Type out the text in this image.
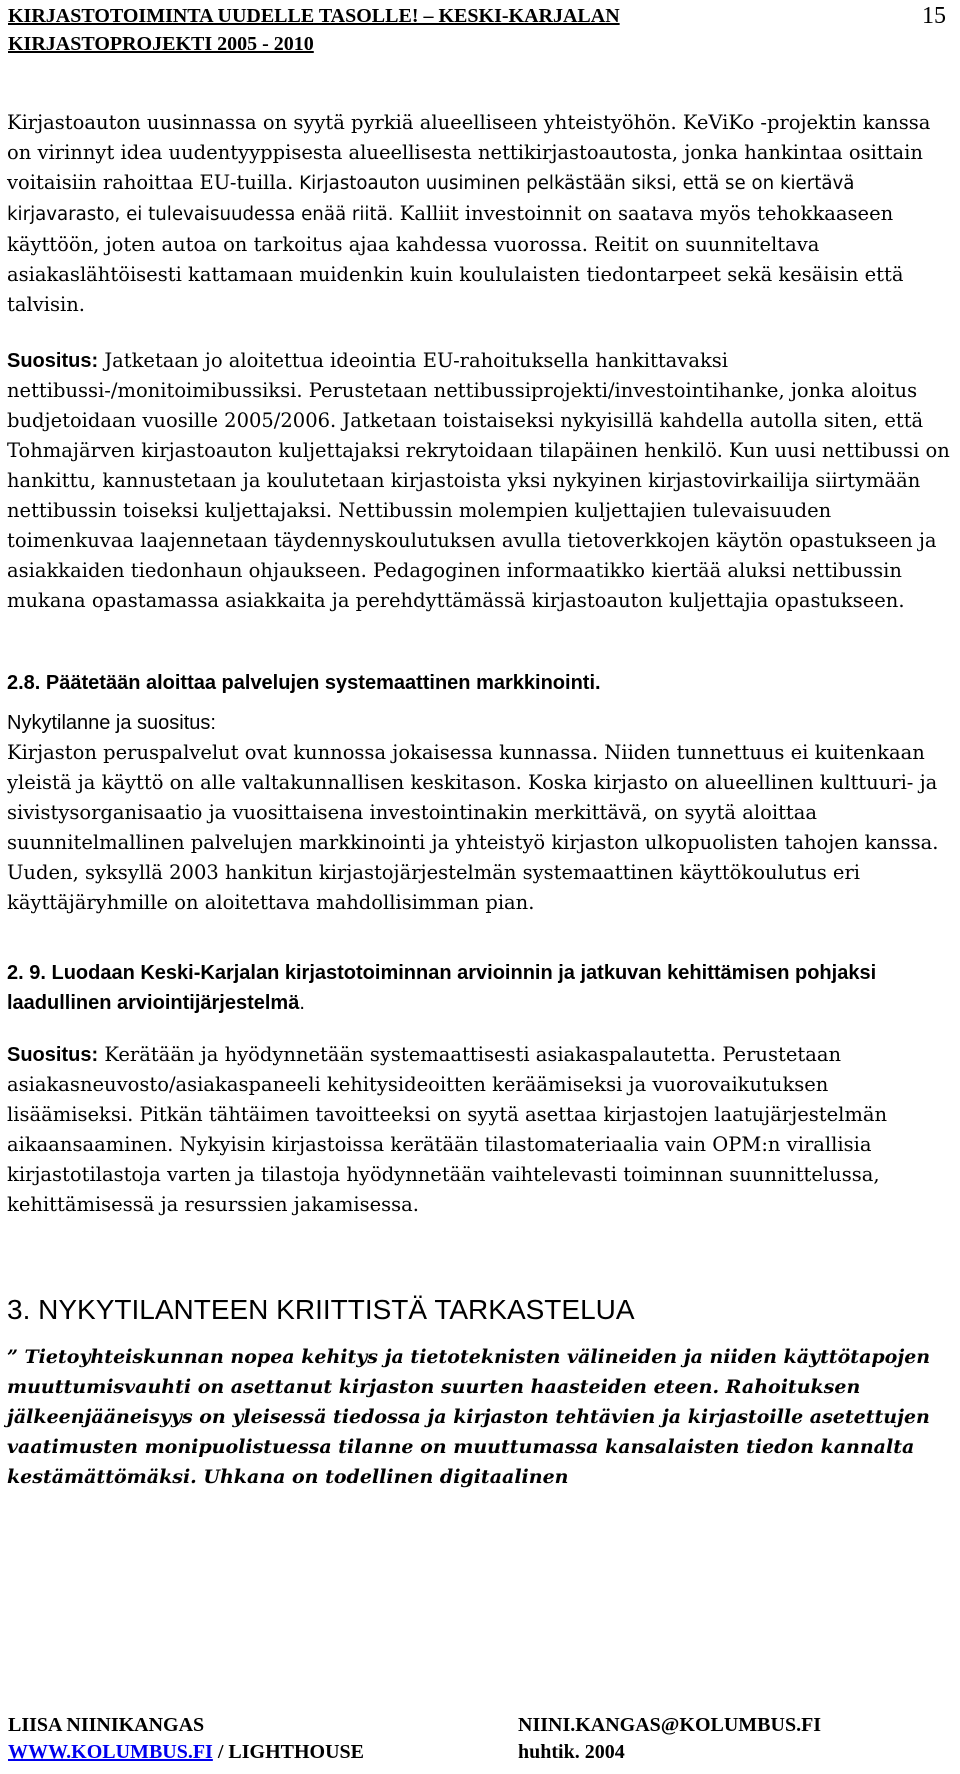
KIRJASTOTOIMINTA UUDELLE TASOLLE! – KESKI-KARJALAN
KIRJASTOPROJEKTI 2005 - 2010
15

Kirjastoauton uusinnassa on syytä pyrkiä alueelliseen yhteistyöhön. KeViKo -projektin kanssa on virinnyt idea uudentyyppisesta alueellisesta nettikirjastoautosta, jonka hankintaa osittain voitaisiin rahoittaa EU-tuilla. Kirjastoauton uusiminen pelkästään siksi, että se on kiertävä kirjavarasto, ei tulevaisuudessa enää riitä. Kalliit investoinnit on saatava myös tehokkaaseen käyttöön, joten autoa on tarkoitus ajaa kahdessa vuorossa. Reitit on suunniteltava asiakaslähtöisesti kattamaan muidenkin kuin koululaisten tiedontarpeet sekä kesäisin että talvisin.

Suositus: Jatketaan jo aloitettua ideointia EU-rahoituksella hankittavaksi nettibussi-/monitoimibussiksi. Perustetaan nettibussiprojekti/investointihanke, jonka aloitus budjetoidaan vuosille 2005/2006. Jatketaan toistaiseksi nykyisillä kahdella autolla siten, että Tohmajärven kirjastoauton kuljettajaksi rekrytoidaan tilapäinen henkilö. Kun uusi nettibussi on hankittu, kannustetaan ja koulutetaan kirjastoista yksi nykyinen kirjastovirkailija siirtymään nettibussin toiseksi kuljettajaksi. Nettibussin molempien kuljettajien tulevaisuuden toimenkuvaa laajennetaan täydennyskoulutuksen avulla tietoverkkojen käytön opastukseen ja asiakkaiden tiedonhaun ohjaukseen. Pedagoginen informaatikko kiertää aluksi nettibussin mukana opastamassa asiakkaita ja perehdyttämässä kirjastoauton kuljettajia opastukseen.

2.8. Päätetään aloittaa palvelujen systemaattinen markkinointi.

Nykytilanne ja suositus:

Kirjaston peruspalvelut ovat kunnossa jokaisessa kunnassa. Niiden tunnettuus ei kuitenkaan yleistä ja käyttö on alle valtakunnallisen keskitason. Koska kirjasto on alueellinen kulttuuri- ja sivistysorganisaatio ja vuosittaisena investointinakin merkittävä, on syytä aloittaa suunnitelmallinen palvelujen markkinointi ja yhteistyö kirjaston ulkopuolisten tahojen kanssa. Uuden, syksyllä 2003 hankitun kirjastojärjestelmän systemaattinen käyttökoulutus eri käyttäjäryhmille on aloitettava mahdollisimman pian.

2. 9. Luodaan Keski-Karjalan kirjastotoiminnan arvioinnin ja jatkuvan kehittämisen pohjaksi laadullinen arviointijärjestelmä.

Suositus: Kerätään ja hyödynnetään systemaattisesti asiakaspalautetta. Perustetaan asiakasneuvosto/asiakaspaneeli kehitysideoitten keräämiseksi ja vuorovaikutuksen lisäämiseksi. Pitkän tähtäimen tavoitteeksi on syytä asettaa kirjastojen laatujärjestelmän aikaansaaminen. Nykyisin kirjastoissa kerätään tilastomateriaalia vain OPM:n virallisia kirjastotilastoja varten ja tilastoja hyödynnetään vaihtelevasti toiminnan suunnittelussa, kehittämisessä ja resurssien jakamisessa.

3. NYKYTILANTEEN KRIITTISTÄ TARKASTELUA

” Tietoyhteiskunnan nopea kehitys ja tietoteknisten välineiden ja niiden käyttötapojen muuttumisvauhti on asettanut kirjaston suurten haasteiden eteen. Rahoituksen jälkeenjääneisyys on yleisessä tiedossa ja kirjaston tehtävien ja kirjastoille asetettujen vaatimusten monipuolistuessa tilanne on muuttumassa kansalaisten tiedon kannalta kestämättömäksi. Uhkana on todellinen digitaalinen

LIISA NIINIKANGAS
WWW.KOLUMBUS.FI / LIGHTHOUSE
NIINI.KANGAS@KOLUMBUS.FI
huhtik. 2004
